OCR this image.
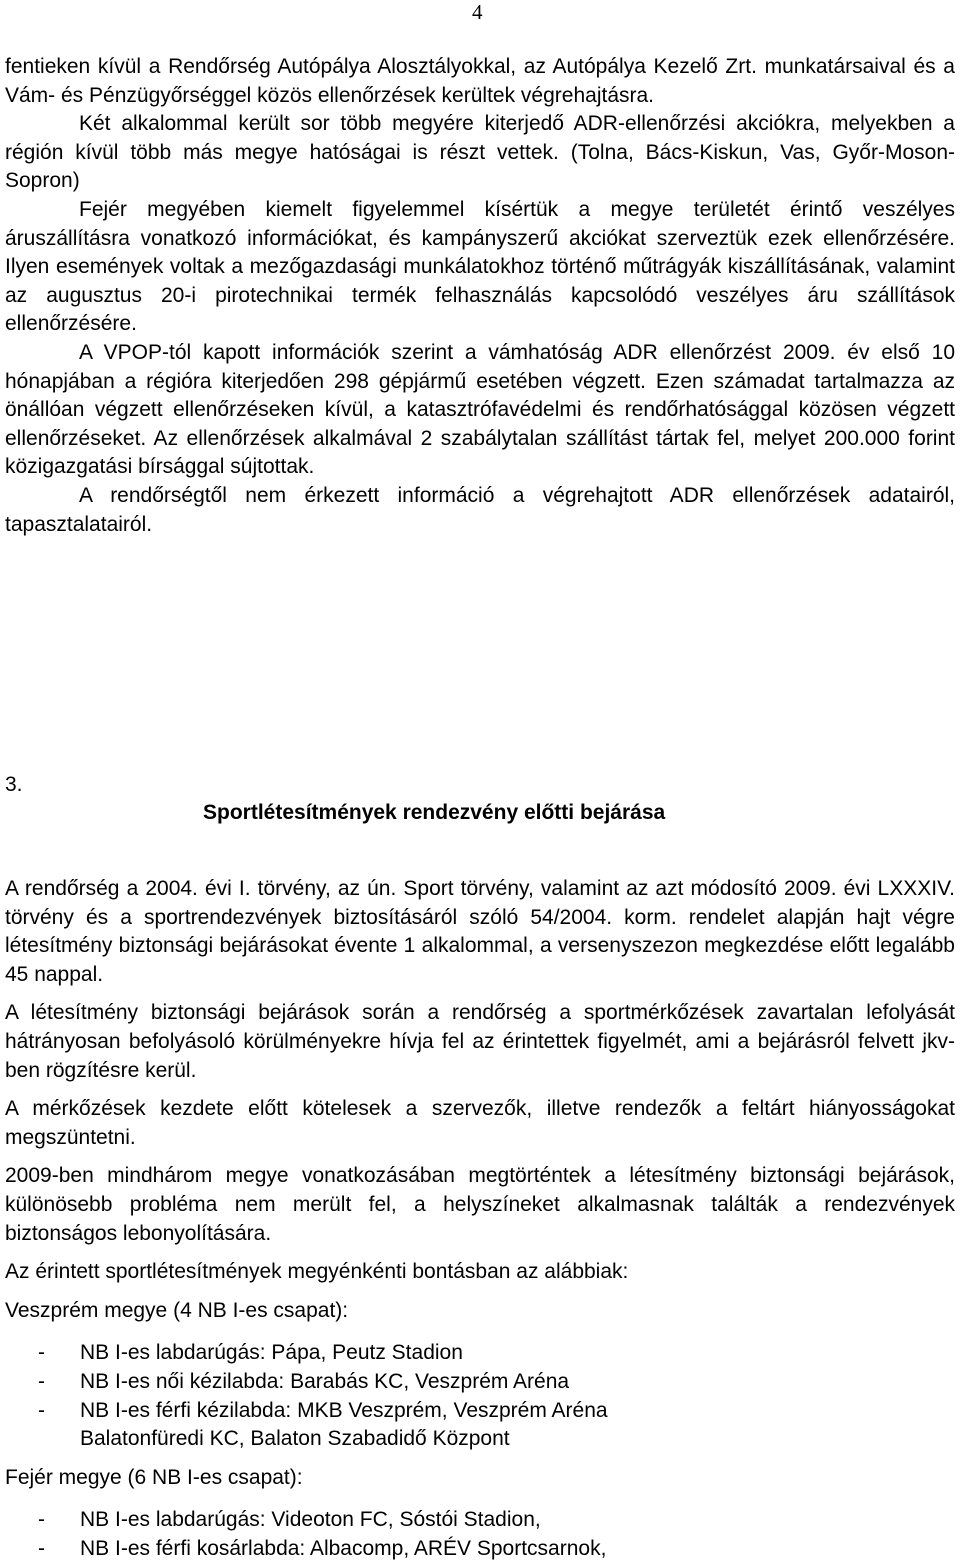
4

fentieken kívül a Rendőrség Autópálya Alosztályokkal, az Autópálya Kezelő Zrt. munkatársaival és a Vám- és Pénzügyőrséggel közös ellenőrzések kerültek végrehajtásra.

Két alkalommal került sor több megyére kiterjedő ADR-ellenőrzési akciókra, melyekben a régión kívül több más megye hatóságai is részt vettek. (Tolna, Bács-Kiskun, Vas, Győr-Moson-Sopron)

Fejér megyében kiemelt figyelemmel kísértük a megye területét érintő veszélyes áruszállításra vonatkozó információkat, és kampányszerű akciókat szerveztük ezek ellenőrzésére. Ilyen események voltak a mezőgazdasági munkálatokhoz történő műtrágyák kiszállításának, valamint az augusztus 20-i pirotechnikai termék felhasználás kapcsolódó veszélyes áru szállítások ellenőrzésére.

A VPOP-tól kapott információk szerint a vámhatóság ADR ellenőrzést 2009. év első 10 hónapjában a régióra kiterjedően 298 gépjármű esetében végzett. Ezen számadat tartalmazza az önállóan végzett ellenőrzéseken kívül, a katasztrófavédelmi és rendőrhatósággal közösen végzett ellenőrzéseket. Az ellenőrzések alkalmával 2 szabálytalan szállítást tártak fel, melyet 200.000 forint közigazgatási bírsággal sújtottak.

A rendőrségtől nem érkezett információ a végrehajtott ADR ellenőrzések adatairól, tapasztalatairól.

3.

Sportlétesítmények rendezvény előtti bejárása

A rendőrség a 2004. évi I. törvény, az ún. Sport törvény, valamint az azt módosító 2009. évi LXXXIV. törvény és a sportrendezvények biztosításáról szóló 54/2004. korm. rendelet alapján hajt végre létesítmény biztonsági bejárásokat évente 1 alkalommal, a versenyszezon megkezdése előtt legalább 45 nappal.

A létesítmény biztonsági bejárások során a rendőrség a sportmérkőzések zavartalan lefolyását hátrányosan befolyásoló körülményekre hívja fel az érintettek figyelmét, ami a bejárásról felvett jkv-ben rögzítésre kerül.

A mérkőzések kezdete előtt kötelesek a szervezők, illetve rendezők a feltárt hiányosságokat megszüntetni.

2009-ben mindhárom megye vonatkozásában megtörténtek a létesítmény biztonsági bejárások, különösebb probléma nem merült fel, a helyszíneket alkalmasnak találták a rendezvények biztonságos lebonyolítására.

Az érintett sportlétesítmények megyénkénti bontásban az alábbiak:

Veszprém megye (4 NB I-es csapat):

- NB I-es labdarúgás: Pápa, Peutz Stadion
- NB I-es női kézilabda: Barabás KC, Veszprém Aréna
- NB I-es férfi kézilabda: MKB Veszprém, Veszprém Aréna

Balatonfüredi KC, Balaton Szabadidő Központ

Fejér megye (6 NB I-es csapat):

- NB I-es labdarúgás: Videoton FC, Sóstói Stadion,
- NB I-es férfi kosárlabda: Albacomp, ARÉV Sportcsarnok,
